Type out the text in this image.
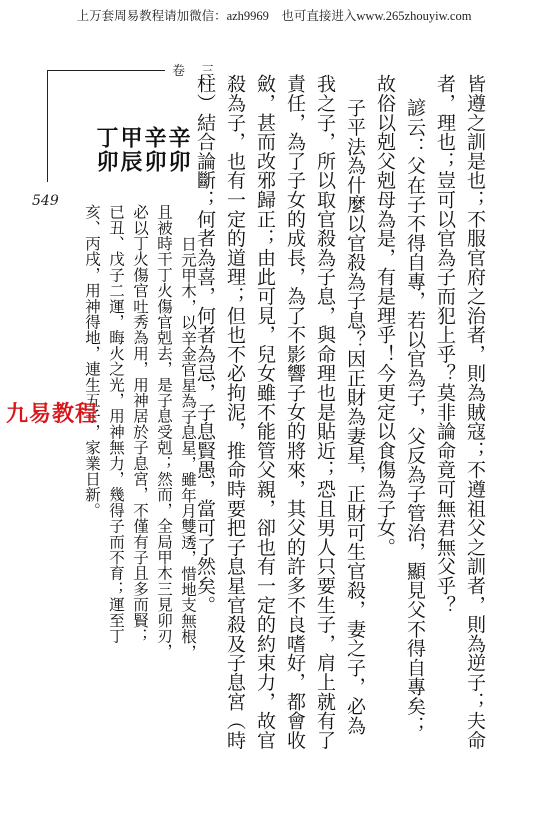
上万套周易教程请加微信：azh9969　也可直接进入www.265zhouyiw.com
卷 三
549	皆遵之訓是也；不服官府之治者，則為賊寇；不遵祖父之訓者，則為逆子；夫命
者，理也；豈可以官為子而犯上乎？莫非論命竟可無君無父乎？
諺云：父在子不得自專，若以官為子，父反為子管治，顯見父不得自專矣；
故俗以剋父剋母為是，有是理乎！今更定以食傷為子女。
子平法為什麼以官殺為子息？因正財為妻星，正財可生官殺，妻之子，必為
我之子，所以取官殺為子息，與命理也是貼近；恐且男人只要生子，肩上就有了
責任，為了子女的成長，為了不影響子女的將來，其父的許多不良嗜好，都會收
斂，甚而改邪歸正；由此可見，兒女雖不能管父親，卻也有一定的約束力，故官
殺為子，也有一定的道理；但也不必拘泥，推命時要把子息星官殺及子息宮（時
柱）結合論斷；何者為喜，何者為忌，子息賢愚，當可了然矣。
辛卯
辛卯
甲辰
丁卯
日元甲木，以辛金官星為子息星，雖年月雙透，惜地支無根，
且被時干丁火傷官剋去，是子息受剋；然而，全局甲木三見卯刃，
必以丁火傷官吐秀為用，用神居於子息宮，不僅有子且多而賢；
已丑、戊子二運，晦火之光，用神無力，幾得子而不育；運至丁
亥、丙戌，用神得地，連生五子，家業日新。
九易教程
